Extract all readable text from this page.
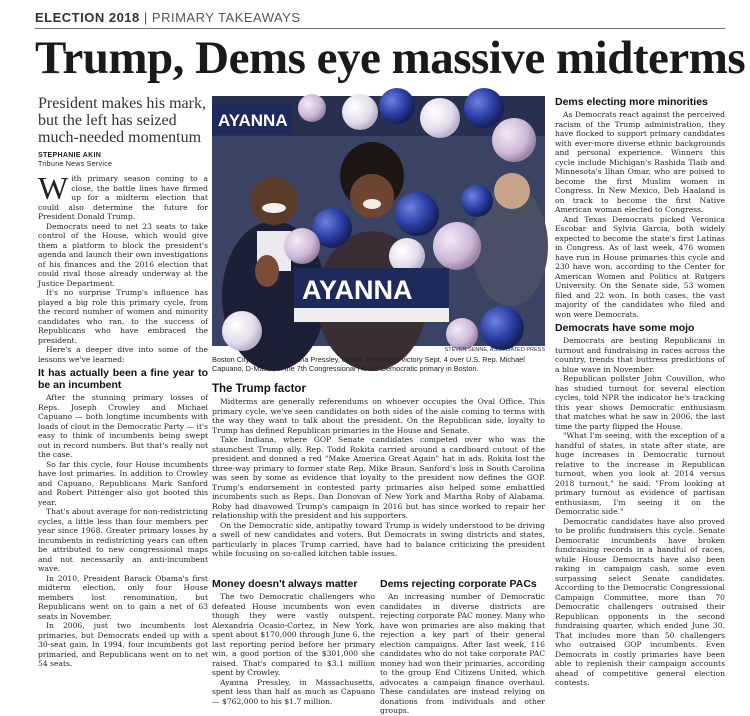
ELECTION 2018 | PRIMARY TAKEAWAYS
Trump, Dems eye massive midterms
President makes his mark, but the left has seized much-needed momentum
STEPHANIE AKIN
Tribune News Service

With primary season coming to a close, the battle lines have firmed up for a midterm election that could also determine the future for President Donald Trump.

Democrats need to net 23 seats to take control of the House, which would give them a platform to block the president's agenda and launch their own investigations of his finances and the 2016 election that could rival those already underway at the Justice Department.

It's no surprise Trump's influence has played a big role this primary cycle, from the record number of women and minority candidates who ran, to the success of Republicans who have embraced the president.

Here's a deeper dive into some of the lessons we've learned:

It has actually been a fine year to be an incumbent

After the stunning primary losses of Reps. Joseph Crowley and Michael Capuano — both longtime incumbents with loads of clout in the Democratic Party — it's easy to think of incumbents being swept out in record numbers. But that's really not the case.

So far this cycle, four House incumbents have lost primaries. In addition to Crowley and Capuano, Republicans Mark Sanford and Robert Pittenger also got booted this year.

That's about average for non-redistricting cycles, a little less than four members per year since 1968. Greater primary losses by incumbents in redistricting years can often be attributed to new congressional maps and not necessarily an anti-incumbent wave.

In 2010, President Barack Obama's first midterm election, only four House members lost renomination, but Republicans went on to gain a net of 63 seats in November.

In 2006, just two incumbents lost primaries, but Democrats ended up with a 30-seat gain. In 1994, four incumbents got primaried, and Republicans went on to net 54 seats.

AYANNA
AYANNA
STEVEN SENNE, ASSOCIATED PRESS
Boston City Councilor Ayanna Pressley, center, celebrates victory Sept. 4 over U.S. Rep. Michael Capuano, D-Mass., in the 7th Congressional House Democratic primary in Boston.
The Trump factor

Midterms are generally referendums on whoever occupies the Oval Office. This primary cycle, we've seen candidates on both sides of the aisle coming to terms with the way they want to talk about the president. On the Republican side, loyalty to Trump has defined Republican primaries in the House and Senate.

Take Indiana, where GOP Senate candidates competed over who was the staunchest Trump ally. Rep. Todd Rokita carried around a cardboard cutout of the president and donned a red "Make America Great Again" hat in ads. Rokita lost the three-way primary to former state Rep. Mike Braun. Sanford's loss in South Carolina was seen by some as evidence that loyalty to the president now defines the GOP. Trump's endorsement in contested party primaries also helped some embattled incumbents such as Reps. Dan Donovan of New York and Martha Roby of Alabama. Roby had disavowed Trump's campaign in 2016 but has since worked to repair her relationship with the president and his supporters.

On the Democratic side, antipathy toward Trump is widely understood to be driving a swell of new candidates and voters. But Democrats in swing districts and states, particularly in places Trump carried, have had to balance criticizing the president while focusing on so-called kitchen table issues.

Money doesn't always matter

The two Democratic challengers who defeated House incumbents won even though they were vastly outspent. Alexandria Ocasio-Cortez, in New York, spent about $170,000 through June 6, the last reporting period before her primary win, a good portion of the $301,000 she raised. That's compared to $3.1 million spent by Crowley.

Ayanna Pressley, in Massachusetts, spent less than half as much as Capuano — $762,000 to his $1.7 million.

Dems rejecting corporate PACs

An increasing number of Democratic candidates in diverse districts are rejecting corporate PAC money. Many who have won primaries are also making that rejection a key part of their general election campaigns. After last week, 116 candidates who do not take corporate PAC money had won their primaries, according to the group End Citizens United, which advocates a campaign finance overhaul. These candidates are instead relying on donations from individuals and other groups.

Dems electing more minorities

As Democrats react against the perceived racism of the Trump administration, they have flocked to support primary candidates with ever-more diverse ethnic backgrounds and personal experience. Winners this cycle include Michigan's Rashida Tlaib and Minnesota's Ilhan Omar, who are poised to become the first Muslim women in Congress. In New Mexico, Deb Haaland is on track to become the first Native American woman elected to Congress.

And Texas Democrats picked Veronica Escobar and Sylvia Garcia, both widely expected to become the state's first Latinas in Congress. As of last week, 476 women have run in House primaries this cycle and 230 have won, according to the Center for American Women and Politics at Rutgers University. On the Senate side, 53 women filed and 22 won. In both cases, the vast majority of the candidates who filed and won were Democrats.

Democrats have some mojo

Democrats are besting Republicans in turnout and fundraising in races across the country, trends that buttress predictions of a blue wave in November.

Republican pollster John Couvillon, who has studied turnout for several election cycles, told NPR the indicator he's tracking this year shows Democratic enthusiasm that matches what he saw in 2006, the last time the party flipped the House.

"What I'm seeing, with the exception of a handful of states, in state after state, are huge increases in Democratic turnout relative to the increase in Republican turnout, when you look at 2014 versus 2018 turnout," he said. "From looking at primary turnout as evidence of partisan enthusiasm, I'm seeing it on the Democratic side."

Democratic candidates have also proved to be prolific fundraisers this cycle. Senate Democratic incumbents have broken fundraising records in a handful of races, while House Democrats have also been raking in campaign cash, some even surpassing select Senate candidates. According to the Democratic Congressional Campaign Committee, more than 70 Democratic challengers outraised their Republican opponents in the second fundraising quarter, which ended June 30. That includes more than 50 challengers who outraised GOP incumbents. Even Democrats in costly primaries have been able to replenish their campaign accounts ahead of competitive general election contests.
